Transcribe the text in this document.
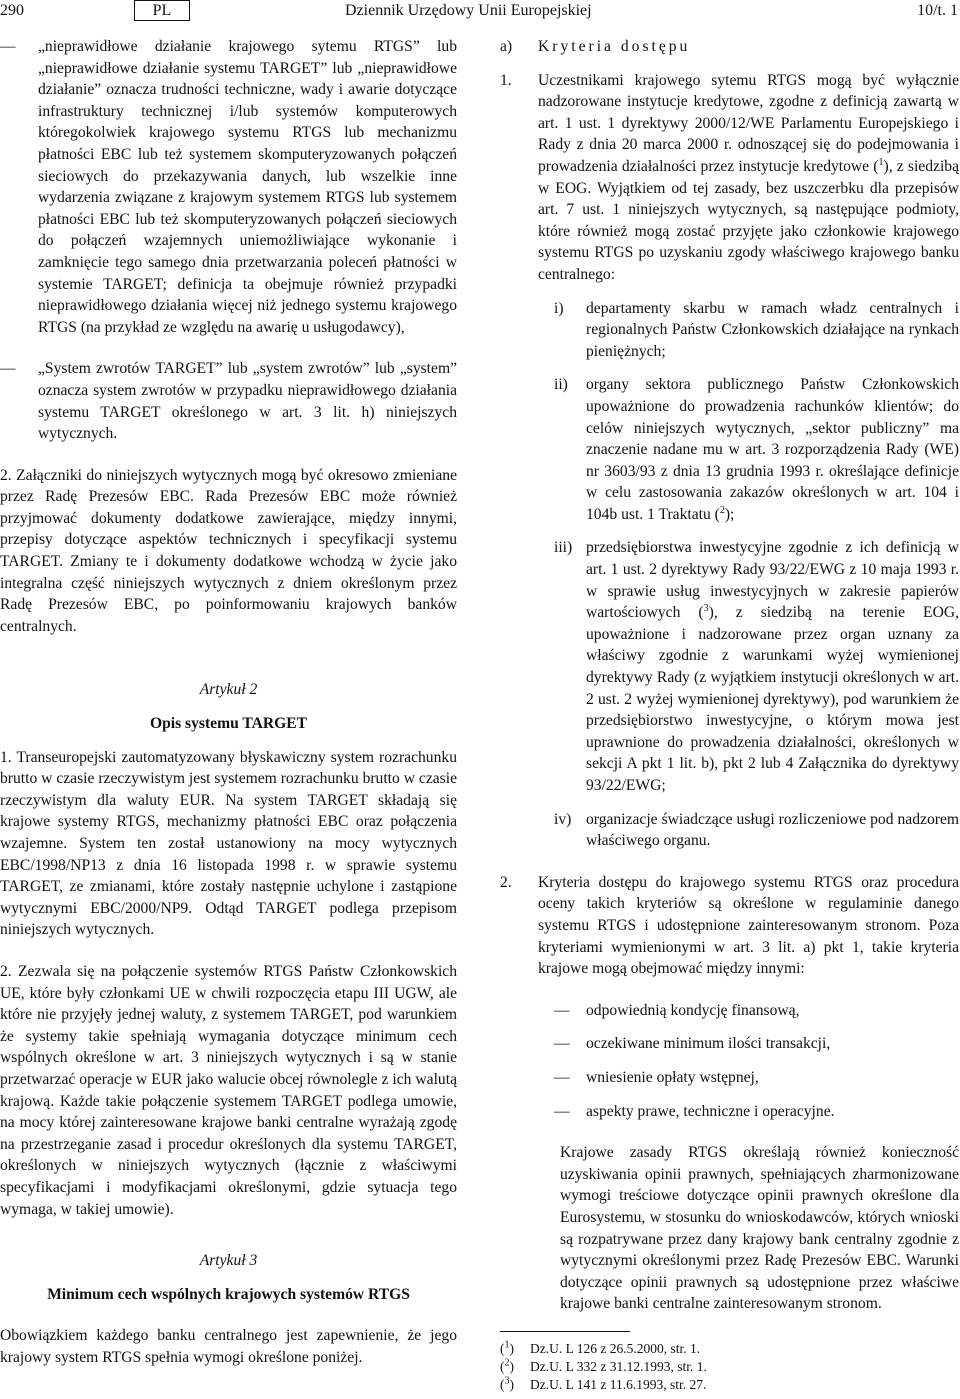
290	PL	Dziennik Urzędowy Unii Europejskiej	10/t. 1
— „nieprawidłowe działanie krajowego sytemu RTGS” lub „nieprawidłowe działanie systemu TARGET” lub „nieprawidłowe działanie” oznacza trudności techniczne, wady i awarie dotyczące infrastruktury technicznej i/lub systemów komputerowych któregokolwiek krajowego systemu RTGS lub mechanizmu płatności EBC lub też systemem skomputeryzowanych połączeń sieciowych do przekazywania danych, lub wszelkie inne wydarzenia związane z krajowym systemem RTGS lub systemem płatności EBC lub też skomputeryzowanych połączeń sieciowych do połączeń wzajemnych uniemożliwiające wykonanie i zamknięcie tego samego dnia przetwarzania poleceń płatności w systemie TARGET; definicja ta obejmuje również przypadki nieprawidłowego działania więcej niż jednego systemu krajowego RTGS (na przykład ze względu na awarię u usługodawcy),
— „System zwrotów TARGET” lub „system zwrotów” lub „system” oznacza system zwrotów w przypadku nieprawidłowego działania systemu TARGET określonego w art. 3 lit. h) niniejszych wytycznych.

2. Załączniki do niniejszych wytycznych mogą być okresowo zmieniane przez Radę Prezesów EBC. Rada Prezesów EBC może również przyjmować dokumenty dodatkowe zawierające, między innymi, przepisy dotyczące aspektów technicznych i specyfikacji systemu TARGET. Zmiany te i dokumenty dodatkowe wchodzą w życie jako integralna część niniejszych wytycznych z dniem określonym przez Radę Prezesów EBC, po poinformowaniu krajowych banków centralnych.

Artykuł 2

Opis systemu TARGET

1. Transeuropejski zautomatyzowany błyskawiczny system rozrachunku brutto w czasie rzeczywistym jest systemem rozrachunku brutto w czasie rzeczywistym dla waluty EUR. Na system TARGET składają się krajowe systemy RTGS, mechanizmy płatności EBC oraz połączenia wzajemne. System ten został ustanowiony na mocy wytycznych EBC/1998/NP13 z dnia 16 listopada 1998 r. w sprawie systemu TARGET, ze zmianami, które zostały następnie uchylone i zastąpione wytycznymi EBC/2000/NP9. Odtąd TARGET podlega przepisom niniejszych wytycznych.

2. Zezwala się na połączenie systemów RTGS Państw Członkowskich UE, które były członkami UE w chwili rozpoczęcia etapu III UGW, ale które nie przyjęły jednej waluty, z systemem TARGET, pod warunkiem że systemy takie spełniają wymagania dotyczące minimum cech wspólnych określone w art. 3 niniejszych wytycznych i są w stanie przetwarzać operacje w EUR jako walucie obcej równolegle z ich walutą krajową. Każde takie połączenie systemem TARGET podlega umowie, na mocy której zainteresowane krajowe banki centralne wyrażają zgodę na przestrzeganie zasad i procedur określonych dla systemu TARGET, określonych w niniejszych wytycznych (łącznie z właściwymi specyfikacjami i modyfikacjami określonymi, gdzie sytuacja tego wymaga, w takiej umowie).

Artykuł 3

Minimum cech wspólnych krajowych systemów RTGS

Obowiązkiem każdego banku centralnego jest zapewnienie, że jego krajowy system RTGS spełnia wymogi określone poniżej.

a) Kryteria dostępu

1. Uczestnikami krajowego sytemu RTGS mogą być wyłącznie nadzorowane instytucje kredytowe, zgodne z definicją zawartą w art. 1 ust. 1 dyrektywy 2000/12/WE Parlamentu Europejskiego i Rady z dnia 20 marca 2000 r. odnoszącej się do podejmowania i prowadzenia działalności przez instytucje kredytowe ($^1$), z siedzibą w EOG. Wyjątkiem od tej zasady, bez uszczerbku dla przepisów art. 7 ust. 1 niniejszych wytycznych, są następujące podmioty, które również mogą zostać przyjęte jako członkowie krajowego systemu RTGS po uzyskaniu zgody właściwego krajowego banku centralnego:
i) departamenty skarbu w ramach władz centralnych i regionalnych Państw Członkowskich działające na rynkach pieniężnych;
ii) organy sektora publicznego Państw Członkowskich upoważnione do prowadzenia rachunków klientów; do celów niniejszych wytycznych, „sektor publiczny” ma znaczenie nadane mu w art. 3 rozporządzenia Rady (WE) nr 3603/93 z dnia 13 grudnia 1993 r. określające definicje w celu zastosowania zakazów określonych w art. 104 i 104b ust. 1 Traktatu ($^2$);
iii) przedsiębiorstwa inwestycyjne zgodnie z ich definicją w art. 1 ust. 2 dyrektywy Rady 93/22/EWG z 10 maja 1993 r. w sprawie usług inwestycyjnych w zakresie papierów wartościowych ($^3$), z siedzibą na terenie EOG, upoważnione i nadzorowane przez organ uznany za właściwy zgodnie z warunkami wyżej wymienionej dyrektywy Rady (z wyjątkiem instytucji określonych w art. 2 ust. 2 wyżej wymienionej dyrektywy), pod warunkiem że przedsiębiorstwo inwestycyjne, o którym mowa jest uprawnione do prowadzenia działalności, określonych w sekcji A pkt 1 lit. b), pkt 2 lub 4 Załącznika do dyrektywy 93/22/EWG;
iv) organizacje świadczące usługi rozliczeniowe pod nadzorem właściwego organu.
2. Kryteria dostępu do krajowego systemu RTGS oraz procedura oceny takich kryteriów są określone w regulaminie danego systemu RTGS i udostępnione zainteresowanym stronom. Poza kryteriami wymienionymi w art. 3 lit. a) pkt 1, takie kryteria krajowe mogą obejmować między innymi:
— odpowiednią kondycję finansową,
— oczekiwane minimum ilości transakcji,
— wniesienie opłaty wstępnej,
— aspekty prawe, techniczne i operacyjne.

Krajowe zasady RTGS określają również konieczność uzyskiwania opinii prawnych, spełniających zharmonizowane wymogi treściowe dotyczące opinii prawnych określone dla Eurosystemu, w stosunku do wnioskodawców, których wnioski są rozpatrywane przez dany krajowy bank centralny zgodnie z wytycznymi określonymi przez Radę Prezesów EBC. Warunki dotyczące opinii prawnych są udostępnione przez właściwe krajowe banki centralne zainteresowanym stronom.

($^1$) Dz.U. L 126 z 26.5.2000, str. 1.
($^2$) Dz.U. L 332 z 31.12.1993, str. 1.
($^3$) Dz.U. L 141 z 11.6.1993, str. 27.
